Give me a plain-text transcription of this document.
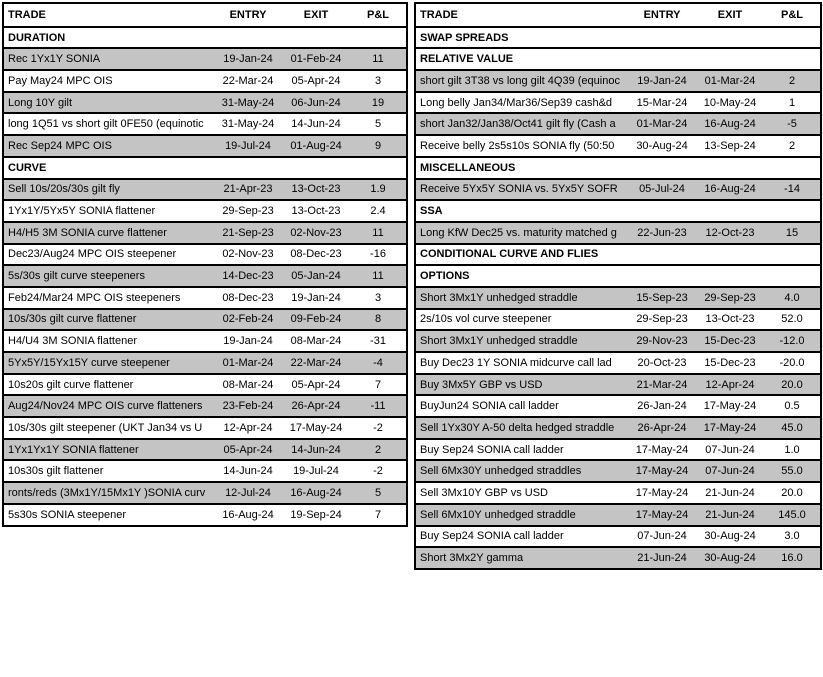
TRADE	ENTRY	EXIT	P&L
DURATION
Rec 1Yx1Y SONIA	19-Jan-24	01-Feb-24	11
Pay May24 MPC OIS	22-Mar-24	05-Apr-24	3
Long 10Y gilt	31-May-24	06-Jun-24	19
long 1Q51 vs short gilt 0FE50 (equinotic	31-May-24	14-Jun-24	5
Rec Sep24 MPC OIS	19-Jul-24	01-Aug-24	9
CURVE
Sell 10s/20s/30s gilt fly	21-Apr-23	13-Oct-23	1.9
1Yx1Y/5Yx5Y SONIA flattener	29-Sep-23	13-Oct-23	2.4
H4/H5 3M SONIA curve flattener	21-Sep-23	02-Nov-23	11
Dec23/Aug24 MPC OIS steepener	02-Nov-23	08-Dec-23	-16
5s/30s gilt curve steepeners	14-Dec-23	05-Jan-24	11
Feb24/Mar24 MPC OIS steepeners	08-Dec-23	19-Jan-24	3
10s/30s gilt curve flattener	02-Feb-24	09-Feb-24	8
H4/U4 3M SONIA flattener	19-Jan-24	08-Mar-24	-31
5Yx5Y/15Yx15Y curve steepener	01-Mar-24	22-Mar-24	-4
10s20s gilt curve flattener	08-Mar-24	05-Apr-24	7
Aug24/Nov24 MPC OIS curve flatteners	23-Feb-24	26-Apr-24	-11
10s/30s gilt steepener (UKT Jan34 vs U	12-Apr-24	17-May-24	-2
1Yx1Yx1Y SONIA flattener	05-Apr-24	14-Jun-24	2
10s30s gilt flattener	14-Jun-24	19-Jul-24	-2
ronts/reds (3Mx1Y/15Mx1Y )SONIA curv	12-Jul-24	16-Aug-24	5
5s30s SONIA steepener	16-Aug-24	19-Sep-24	7
TRADE	ENTRY	EXIT	P&L
SWAP SPREADS
RELATIVE VALUE
short gilt 3T38 vs long gilt 4Q39 (equinoc	19-Jan-24	01-Mar-24	2
Long belly Jan34/Mar36/Sep39 cash&d	15-Mar-24	10-May-24	1
short Jan32/Jan38/Oct41 gilt fly (Cash a	01-Mar-24	16-Aug-24	-5
Receive belly 2s5s10s SONIA fly (50:50	30-Aug-24	13-Sep-24	2
MISCELLANEOUS
Receive 5Yx5Y SONIA vs. 5Yx5Y SOFR	05-Jul-24	16-Aug-24	-14
SSA
Long KfW Dec25 vs. maturity matched g	22-Jun-23	12-Oct-23	15
CONDITIONAL CURVE AND FLIES
OPTIONS
Short 3Mx1Y unhedged straddle	15-Sep-23	29-Sep-23	4.0
2s/10s vol curve steepener	29-Sep-23	13-Oct-23	52.0
Short 3Mx1Y unhedged straddle	29-Nov-23	15-Dec-23	-12.0
Buy Dec23 1Y SONIA midcurve call lad	20-Oct-23	15-Dec-23	-20.0
Buy 3Mx5Y GBP vs USD	21-Mar-24	12-Apr-24	20.0
BuyJun24 SONIA call ladder	26-Jan-24	17-May-24	0.5
Sell 1Yx30Y A-50 delta hedged straddle	26-Apr-24	17-May-24	45.0
Buy Sep24 SONIA call ladder	17-May-24	07-Jun-24	1.0
Sell 6Mx30Y unhedged straddles	17-May-24	07-Jun-24	55.0
Sell 3Mx10Y GBP vs USD	17-May-24	21-Jun-24	20.0
Sell 6Mx10Y unhedged straddle	17-May-24	21-Jun-24	145.0
Buy Sep24 SONIA call ladder	07-Jun-24	30-Aug-24	3.0
Short 3Mx2Y gamma	21-Jun-24	30-Aug-24	16.0
